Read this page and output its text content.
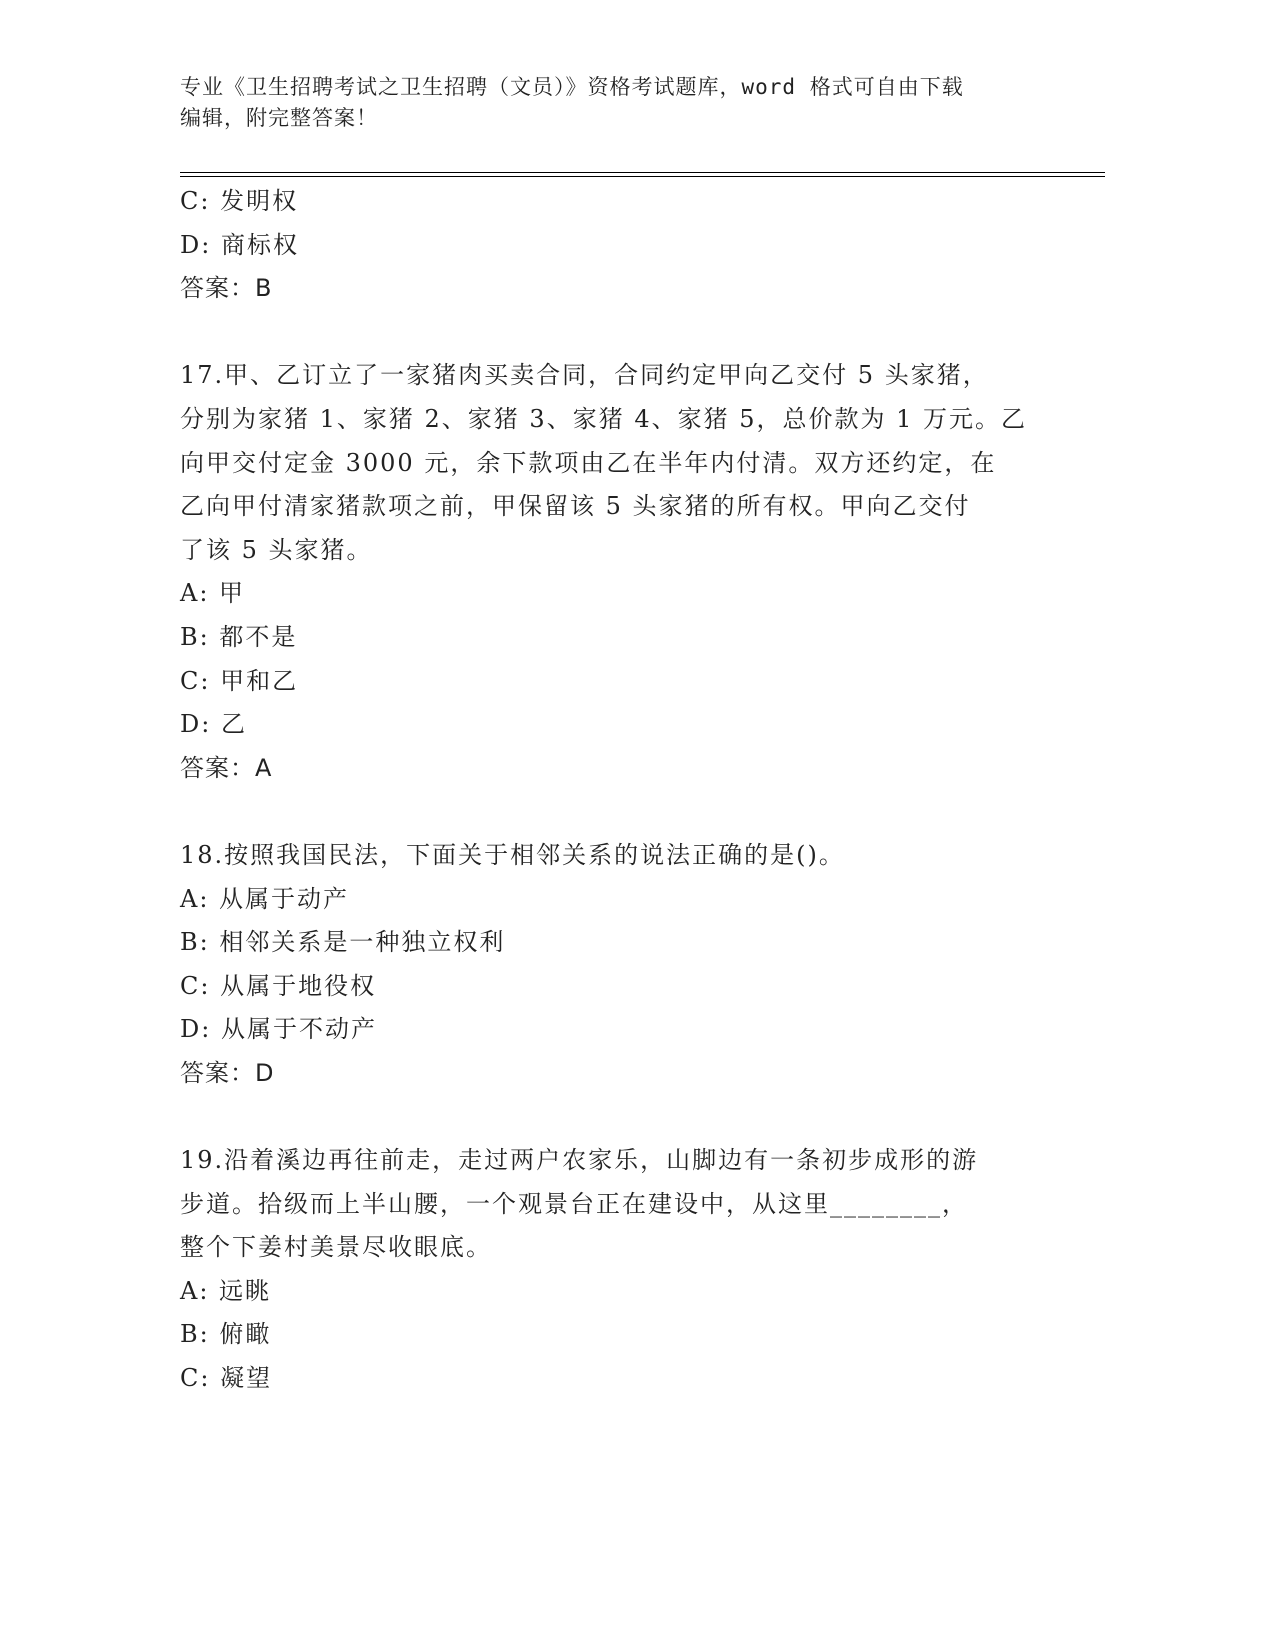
专业《卫生招聘考试之卫生招聘（文员）》资格考试题库，word 格式可自由下载
编辑，附完整答案！
C: 发明权
D: 商标权
答案：B
17.甲、乙订立了一家猪肉买卖合同，合同约定甲向乙交付 5 头家猪，
分别为家猪 1、家猪 2、家猪 3、家猪 4、家猪 5，总价款为 1 万元。乙
向甲交付定金 3000 元，余下款项由乙在半年内付清。双方还约定，在
乙向甲付清家猪款项之前，甲保留该 5 头家猪的所有权。甲向乙交付
了该 5 头家猪。
A: 甲
B: 都不是
C: 甲和乙
D: 乙
答案：A
18.按照我国民法，下面关于相邻关系的说法正确的是()。
A: 从属于动产
B: 相邻关系是一种独立权利
C: 从属于地役权
D: 从属于不动产
答案：D
19.沿着溪边再往前走，走过两户农家乐，山脚边有一条初步成形的游
步道。拾级而上半山腰，一个观景台正在建设中，从这里________，
整个下姜村美景尽收眼底。
A: 远眺
B: 俯瞰
C: 凝望
